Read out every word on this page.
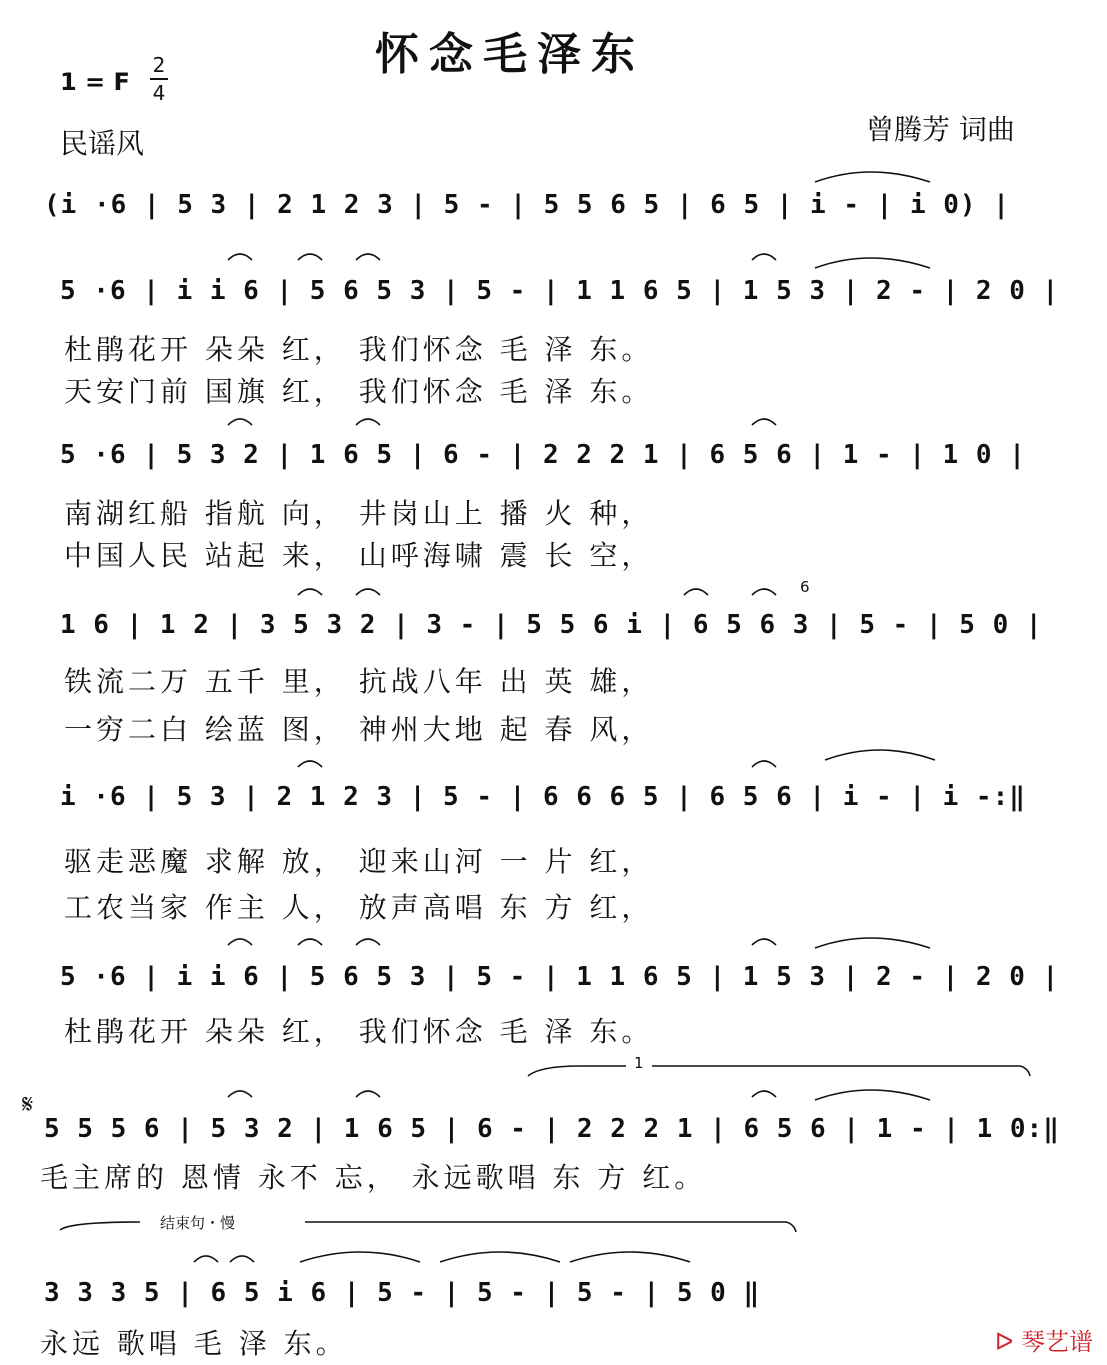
怀念毛泽东
1 = F
2
4
民谣风	曾腾芳 词曲
(i ·6 | 5 3 | 2 1 2 3 | 5 - | 5 5 6 5 | 6 5 | i - | i 0) |
5 ·6 | i i 6 | 5 6 5 3 | 5 - | 1 1 6 5 | 1 5 3 | 2 - | 2 0 |
杜鹃花开 朵朵 红， 我们怀念 毛 泽 东。
天安门前 国旗 红， 我们怀念 毛 泽 东。
5 ·6 | 5 3 2 | 1 6 5 | 6 - | 2 2 2 1 | 6 5 6 | 1 - | 1 0 |
南湖红船 指航 向， 井岗山上 播 火 种，
中国人民 站起 来， 山呼海啸 震 长 空，
1 6 | 1 2 | 3 5 3 2 | 3 - | 5 5 6 i | 6 5 6 3 | 5 - | 5 0 |
6
铁流二万 五千 里， 抗战八年 出 英 雄，
一穷二白 绘蓝 图， 神州大地 起 春 风，
i ·6 | 5 3 | 2 1 2 3 | 5 - | 6 6 6 5 | 6 5 6 | i - | i -:‖
驱走恶魔 求解 放， 迎来山河 一 片 红，
工农当家 作主 人， 放声高唱 东 方 红，
5 ·6 | i i 6 | 5 6 5 3 | 5 - | 1 1 6 5 | 1 5 3 | 2 - | 2 0 |
杜鹃花开 朵朵 红， 我们怀念 毛 泽 东。
1
𝄋
5 5 5 6 | 5 3 2 | 1 6 5 | 6 - | 2 2 2 1 | 6 5 6 | 1 - | 1 0:‖
毛主席的 恩情 永不 忘， 永远歌唱 东 方 红。
结束句・慢
3 3 3 5 | 6 5 i 6 | 5 - | 5 - | 5 - | 5 0 ‖
永远 歌唱 毛 泽 东。	ᐅ 琴艺谱
